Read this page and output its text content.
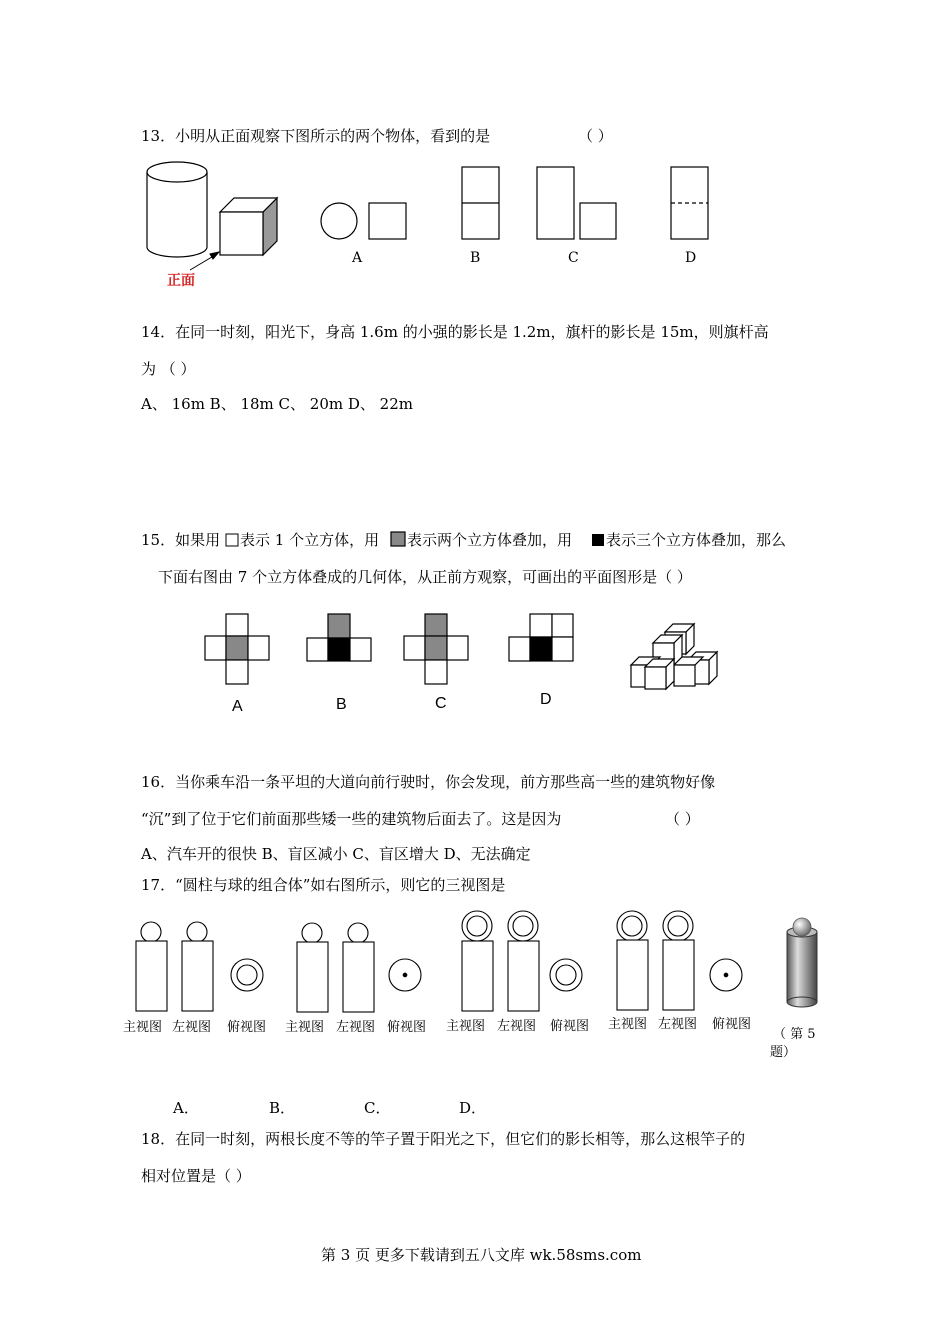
13．小明从正面观察下图所示的两个物体，看到的是	（ ）
正面
A	B	C	D
14．在同一时刻，阳光下，身高 1.6m 的小强的影长是 1.2m，旗杆的影长是 15m，则旗杆高
为 （ ）
A、 16m B、 18m C、 20m D、 22m
15．如果用 表示 1 个立方体，用 表示两个立方体叠加，用 表示三个立方体叠加，那么
下面右图由 7 个立方体叠成的几何体，从正前方观察，可画出的平面图形是（ ）
A	B	C	D
16．当你乘车沿一条平坦的大道向前行驶时，你会发现，前方那些高一些的建筑物好像
“沉”到了位于它们前面那些矮一些的建筑物后面去了。这是因为	（ ）
A、汽车开的很快 B、盲区减小 C、盲区增大 D、无法确定
17．“圆柱与球的组合体”如右图所示，则它的三视图是
主视图 左视图 俯视图 主视图 左视图 俯视图 主视图 左视图 俯视图 主视图 左视图 俯视图
（ 第 5
题）
A．	B．	C．	D．
18．在同一时刻，两根长度不等的竿子置于阳光之下，但它们的影长相等，那么这根竿子的
相对位置是（ ）
第 3 页 更多下载请到五八文库 wk.58sms.com
